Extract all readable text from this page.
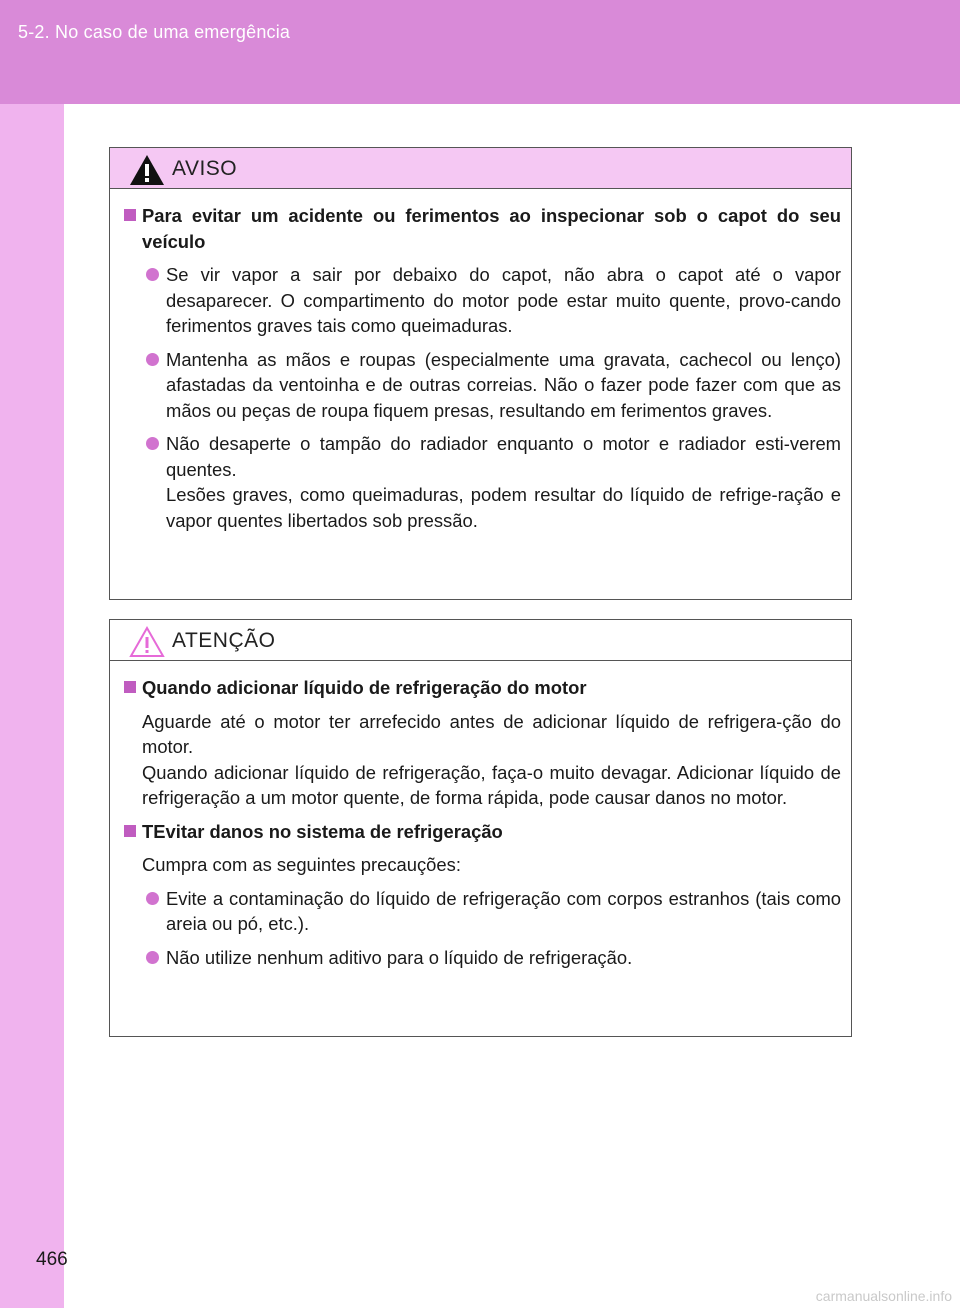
5-2. No caso de uma emergência
AVISO
Para evitar um acidente ou ferimentos ao inspecionar sob o capot do seu veículo
Se vir vapor a sair por debaixo do capot, não abra o capot até o vapor desaparecer. O compartimento do motor pode estar muito quente, provo-cando ferimentos graves tais como queimaduras.
Mantenha as mãos e roupas (especialmente uma gravata, cachecol ou lenço) afastadas da ventoinha e de outras correias. Não o fazer pode fazer com que as mãos ou peças de roupa fiquem presas, resultando em ferimentos graves.
Não desaperte o tampão do radiador enquanto o motor e radiador esti-verem quentes.
Lesões graves, como queimaduras, podem resultar do líquido de refrige-ração e vapor quentes libertados sob pressão.
ATENÇÃO
Quando adicionar líquido de refrigeração do motor
Aguarde até o motor ter arrefecido antes de adicionar líquido de refrigera-ção do motor.
Quando adicionar líquido de refrigeração, faça-o muito devagar. Adicionar líquido de refrigeração a um motor quente, de forma rápida, pode causar danos no motor.
TEvitar danos no sistema de refrigeração
Cumpra com as seguintes precauções:
Evite a contaminação do líquido de refrigeração com corpos estranhos (tais como areia ou pó, etc.).
Não utilize nenhum aditivo para o líquido de refrigeração.
466
carmanualsonline.info
